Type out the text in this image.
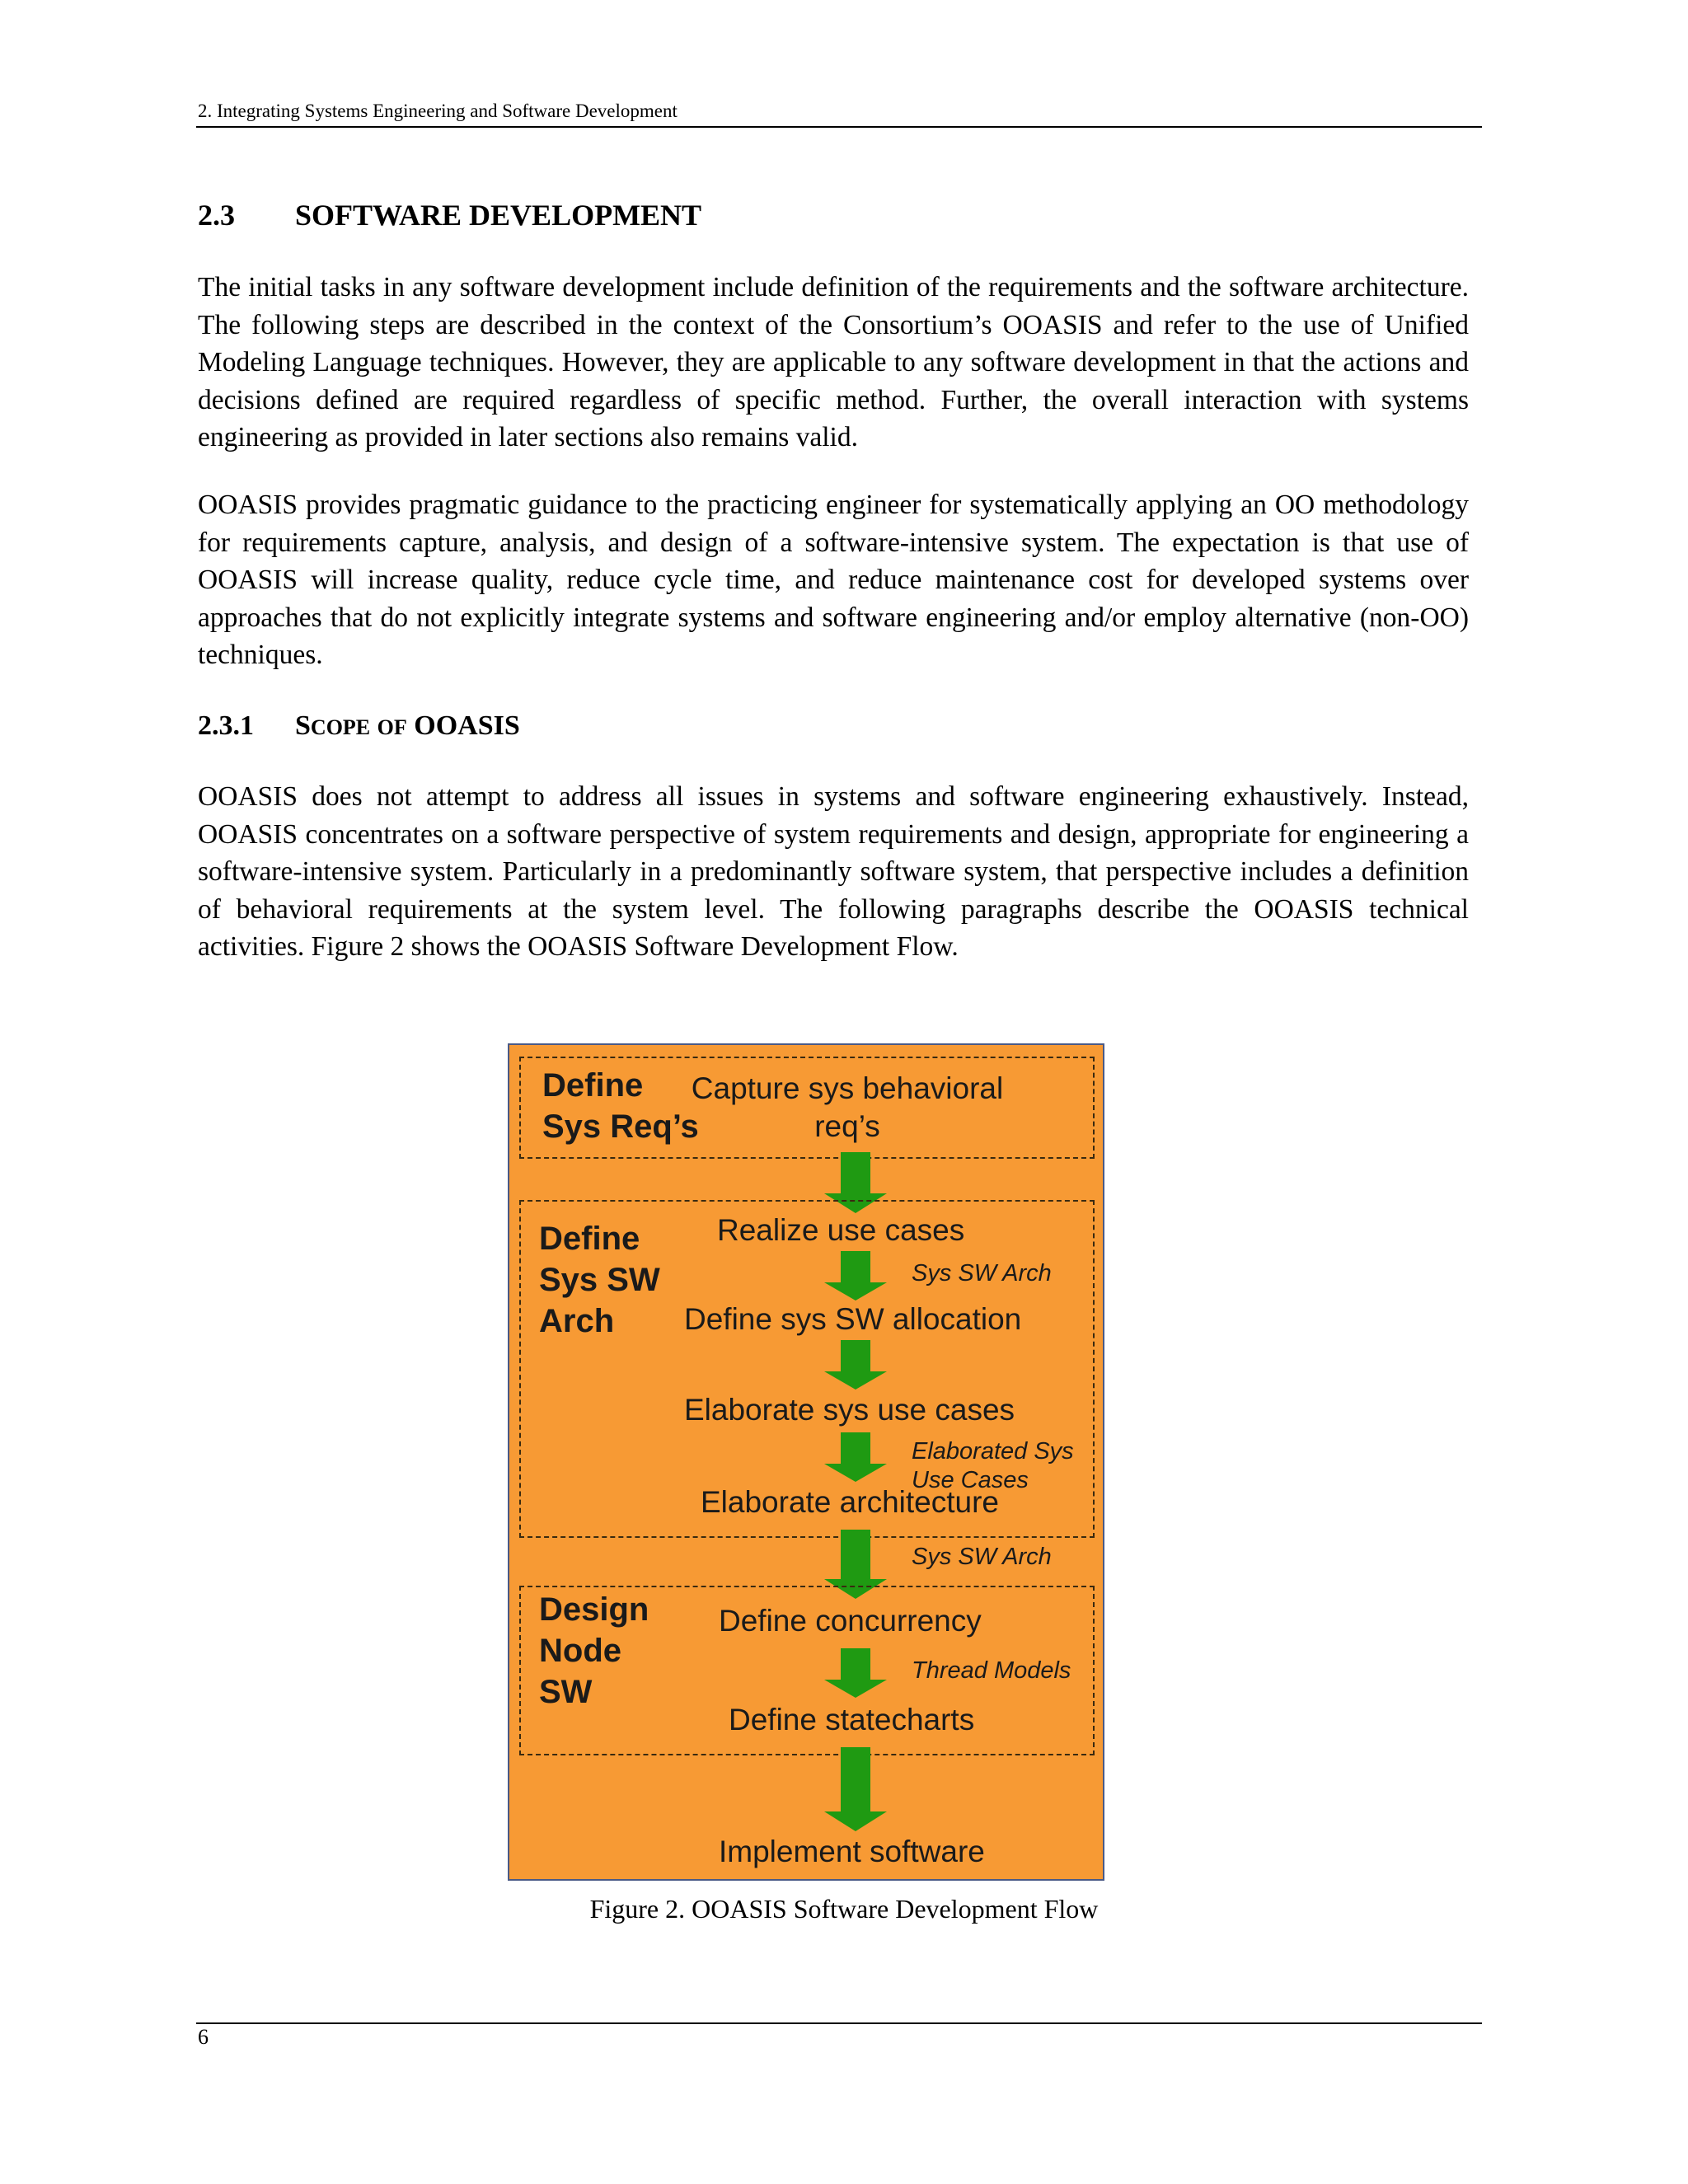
2. Integrating Systems Engineering and Software Development
2.3 SOFTWARE DEVELOPMENT

The initial tasks in any software development include definition of the requirements and the software architecture. The following steps are described in the context of the Consortium’s OOASIS and refer to the use of Unified Modeling Language techniques. However, they are applicable to any software development in that the actions and decisions defined are required regardless of specific method. Further, the overall interaction with systems engineering as provided in later sections also remains valid.

OOASIS provides pragmatic guidance to the practicing engineer for systematically applying an OO methodology for requirements capture, analysis, and design of a software-intensive system. The expectation is that use of OOASIS will increase quality, reduce cycle time, and reduce maintenance cost for developed systems over approaches that do not explicitly integrate systems and software engineering and/or employ alternative (non-OO) techniques.

2.3.1 SCOPE OF OOASIS

OOASIS does not attempt to address all issues in systems and software engineering exhaustively. Instead, OOASIS concentrates on a software perspective of system requirements and design, appropriate for engineering a software-intensive system. Particularly in a predominantly software system, that perspective includes a definition of behavioral requirements at the system level. The following paragraphs describe the OOASIS technical activities. Figure 2 shows the OOASIS Software Development Flow.

Define
Sys Req’s
Capture sys behavioral
req’s
Define
Sys SW
Arch
Realize use cases
Sys SW Arch
Define sys SW allocation
Elaborate sys use cases
Elaborated Sys
Use Cases
Elaborate architecture
Sys SW Arch
Design
Node
SW
Define concurrency
Thread Models
Define statecharts
Implement software
Figure 2. OOASIS Software Development Flow
6
